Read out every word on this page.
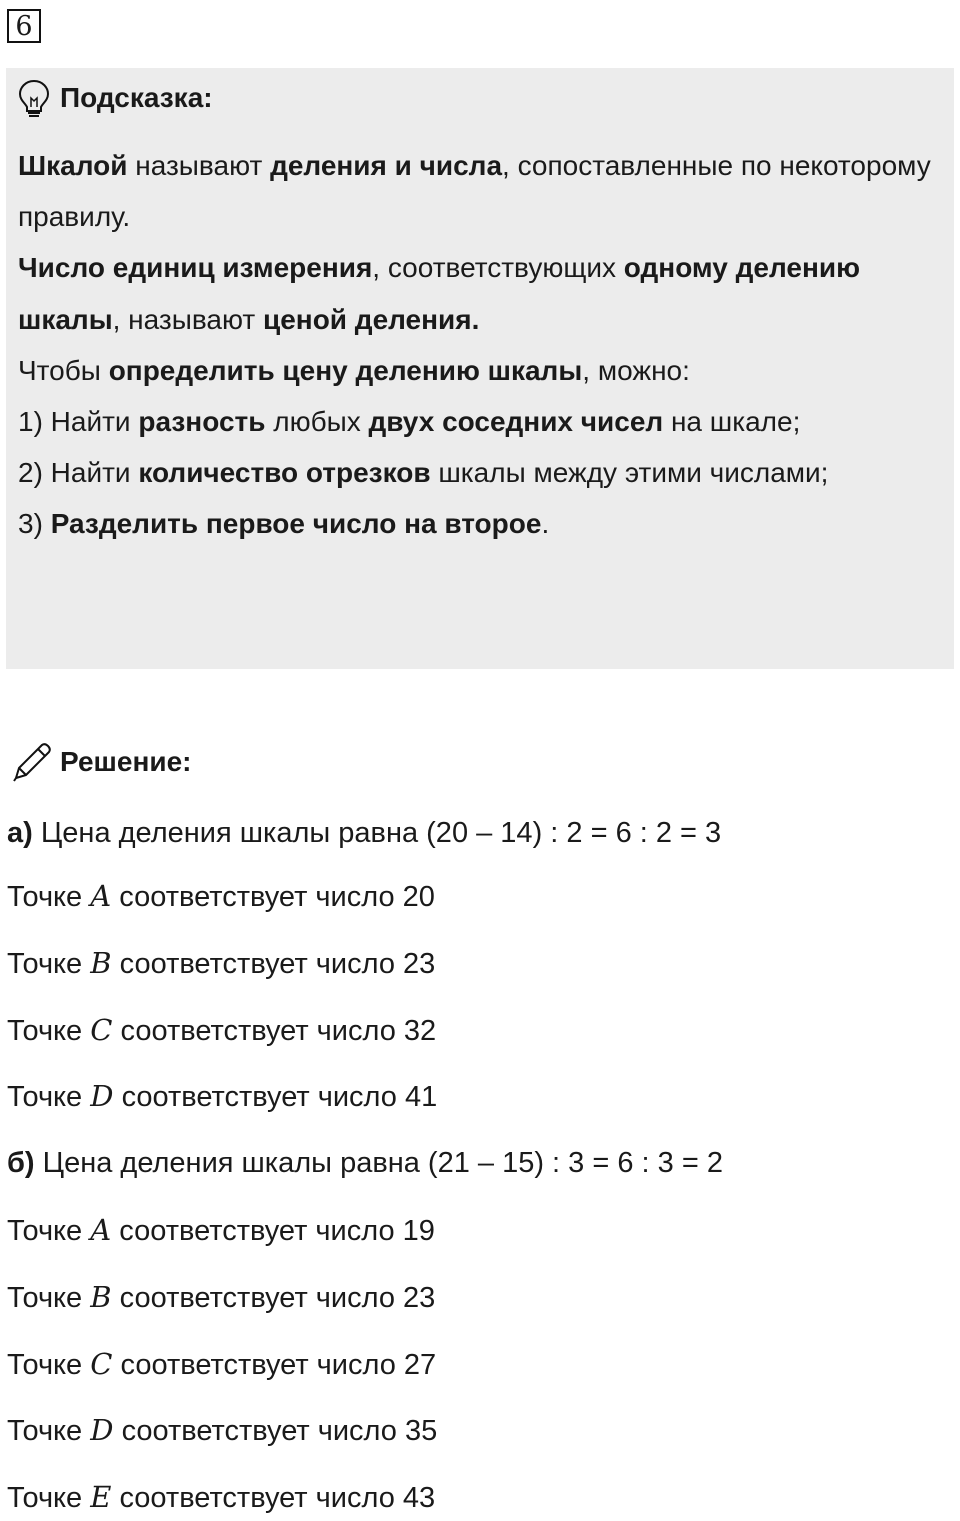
6
Подсказка:

Шкалой называют деления и числа, сопоставленные по некоторому правилу.

Число единиц измерения, соответствующих одному делению шкалы, называют ценой деления.

Чтобы определить цену делению шкалы, можно:

1) Найти разность любых двух соседних чисел на шкале;

2) Найти количество отрезков шкалы между этими числами;

3) Разделить первое число на второе.

Решение:
а) Цена деления шкалы равна (20 – 14) : 2 = 6 : 2 = 3
Точке A соответствует число 20
Точке B соответствует число 23
Точке C соответствует число 32
Точке D соответствует число 41
б) Цена деления шкалы равна (21 – 15) : 3 = 6 : 3 = 2
Точке A соответствует число 19
Точке B соответствует число 23
Точке C соответствует число 27
Точке D соответствует число 35
Точке E соответствует число 43
